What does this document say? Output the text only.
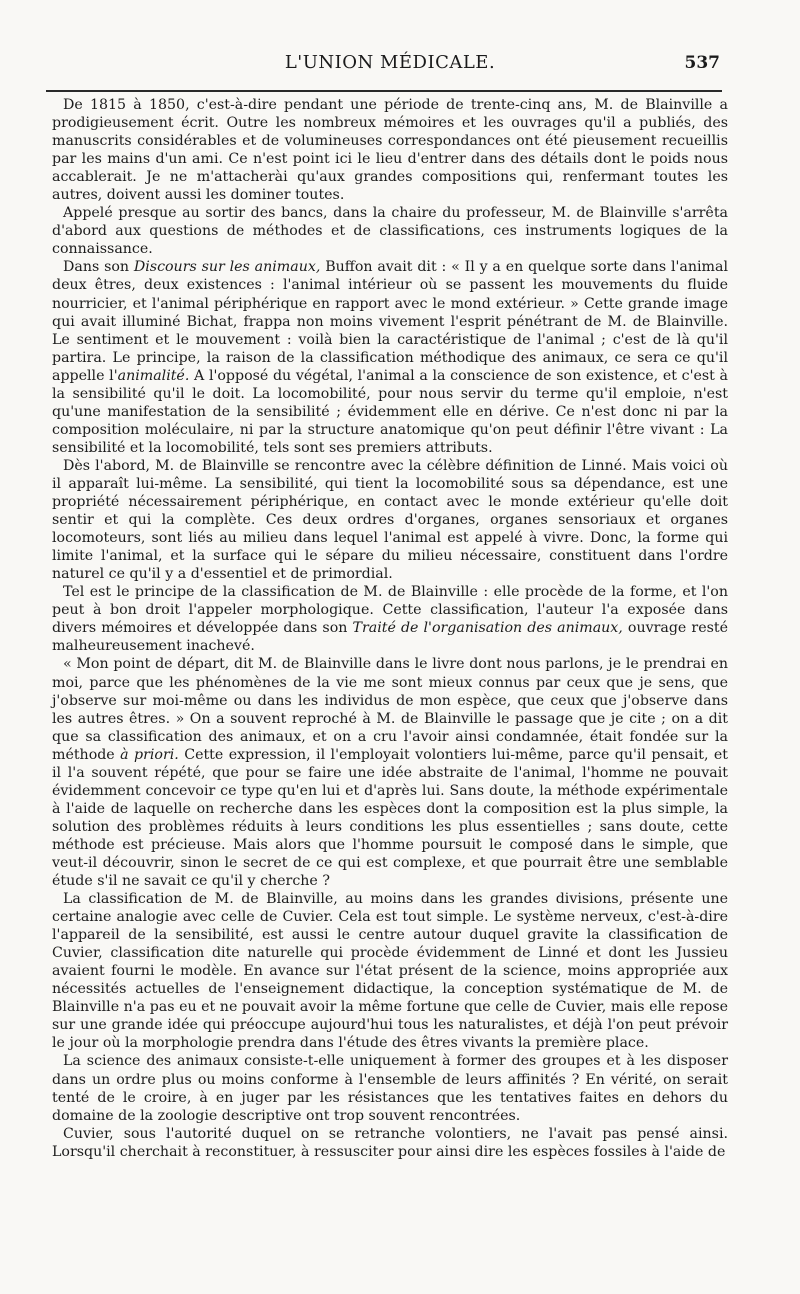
L'UNION MÉDICALE.	537

De 1815 à 1850, c'est-à-dire pendant une période de trente-cinq ans, M. de Blainville a prodigieusement écrit. Outre les nombreux mémoires et les ouvrages qu'il a publiés, des manuscrits considérables et de volumineuses correspondances ont été pieusement recueillis par les mains d'un ami. Ce n'est point ici le lieu d'entrer dans des détails dont le poids nous accablerait. Je ne m'attacherài qu'aux grandes compositions qui, renfermant toutes les autres, doivent aussi les dominer toutes.

Appelé presque au sortir des bancs, dans la chaire du professeur, M. de Blainville s'arrêta d'abord aux questions de méthodes et de classifications, ces instruments logiques de la connaissance.

Dans son Discours sur les animaux, Buffon avait dit : « Il y a en quelque sorte dans l'animal deux êtres, deux existences : l'animal intérieur où se passent les mouvements du fluide nourricier, et l'animal périphérique en rapport avec le mond extérieur. » Cette grande image qui avait illuminé Bichat, frappa non moins vivement l'esprit pénétrant de M. de Blainville. Le sentiment et le mouvement : voilà bien la caractéristique de l'animal ; c'est de là qu'il partira. Le principe, la raison de la classification méthodique des animaux, ce sera ce qu'il appelle l'animalité. A l'opposé du végétal, l'animal a la conscience de son existence, et c'est à la sensibilité qu'il le doit. La locomobilité, pour nous servir du terme qu'il emploie, n'est qu'une manifestation de la sensibilité ; évidemment elle en dérive. Ce n'est donc ni par la composition moléculaire, ni par la structure anatomique qu'on peut définir l'être vivant : La sensibilité et la locomobilité, tels sont ses premiers attributs.

Dès l'abord, M. de Blainville se rencontre avec la célèbre définition de Linné. Mais voici où il apparaît lui-même. La sensibilité, qui tient la locomobilité sous sa dépendance, est une propriété nécessairement périphérique, en contact avec le monde extérieur qu'elle doit sentir et qui la complète. Ces deux ordres d'organes, organes sensoriaux et organes locomoteurs, sont liés au milieu dans lequel l'animal est appelé à vivre. Donc, la forme qui limite l'animal, et la surface qui le sépare du milieu nécessaire, constituent dans l'ordre naturel ce qu'il y a d'essentiel et de primordial.

Tel est le principe de la classification de M. de Blainville : elle procède de la forme, et l'on peut à bon droit l'appeler morphologique. Cette classification, l'auteur l'a exposée dans divers mémoires et développée dans son Traité de l'organisation des animaux, ouvrage resté malheureusement inachevé.

« Mon point de départ, dit M. de Blainville dans le livre dont nous parlons, je le prendrai en moi, parce que les phénomènes de la vie me sont mieux connus par ceux que je sens, que j'observe sur moi-même ou dans les individus de mon espèce, que ceux que j'observe dans les autres êtres. » On a souvent reproché à M. de Blainville le passage que je cite ; on a dit que sa classification des animaux, et on a cru l'avoir ainsi condamnée, était fondée sur la méthode à priori. Cette expression, il l'employait volontiers lui-même, parce qu'il pensait, et il l'a souvent répété, que pour se faire une idée abstraite de l'animal, l'homme ne pouvait évidemment concevoir ce type qu'en lui et d'après lui. Sans doute, la méthode expérimentale à l'aide de laquelle on recherche dans les espèces dont la composition est la plus simple, la solution des problèmes réduits à leurs conditions les plus essentielles ; sans doute, cette méthode est précieuse. Mais alors que l'homme poursuit le composé dans le simple, que veut-il découvrir, sinon le secret de ce qui est complexe, et que pourrait être une semblable étude s'il ne savait ce qu'il y cherche ?

La classification de M. de Blainville, au moins dans les grandes divisions, présente une certaine analogie avec celle de Cuvier. Cela est tout simple. Le système nerveux, c'est-à-dire l'appareil de la sensibilité, est aussi le centre autour duquel gravite la classification de Cuvier, classification dite naturelle qui procède évidemment de Linné et dont les Jussieu avaient fourni le modèle. En avance sur l'état présent de la science, moins appropriée aux nécessités actuelles de l'enseignement didactique, la conception systématique de M. de Blainville n'a pas eu et ne pouvait avoir la même fortune que celle de Cuvier, mais elle repose sur une grande idée qui préoccupe aujourd'hui tous les naturalistes, et déjà l'on peut prévoir le jour où la morphologie prendra dans l'étude des êtres vivants la première place.

La science des animaux consiste-t-elle uniquement à former des groupes et à les disposer dans un ordre plus ou moins conforme à l'ensemble de leurs affinités ? En vérité, on serait tenté de le croire, à en juger par les résistances que les tentatives faites en dehors du domaine de la zoologie descriptive ont trop souvent rencontrées.

Cuvier, sous l'autorité duquel on se retranche volontiers, ne l'avait pas pensé ainsi. Lorsqu'il cherchait à reconstituer, à ressusciter pour ainsi dire les espèces fossiles à l'aide de
